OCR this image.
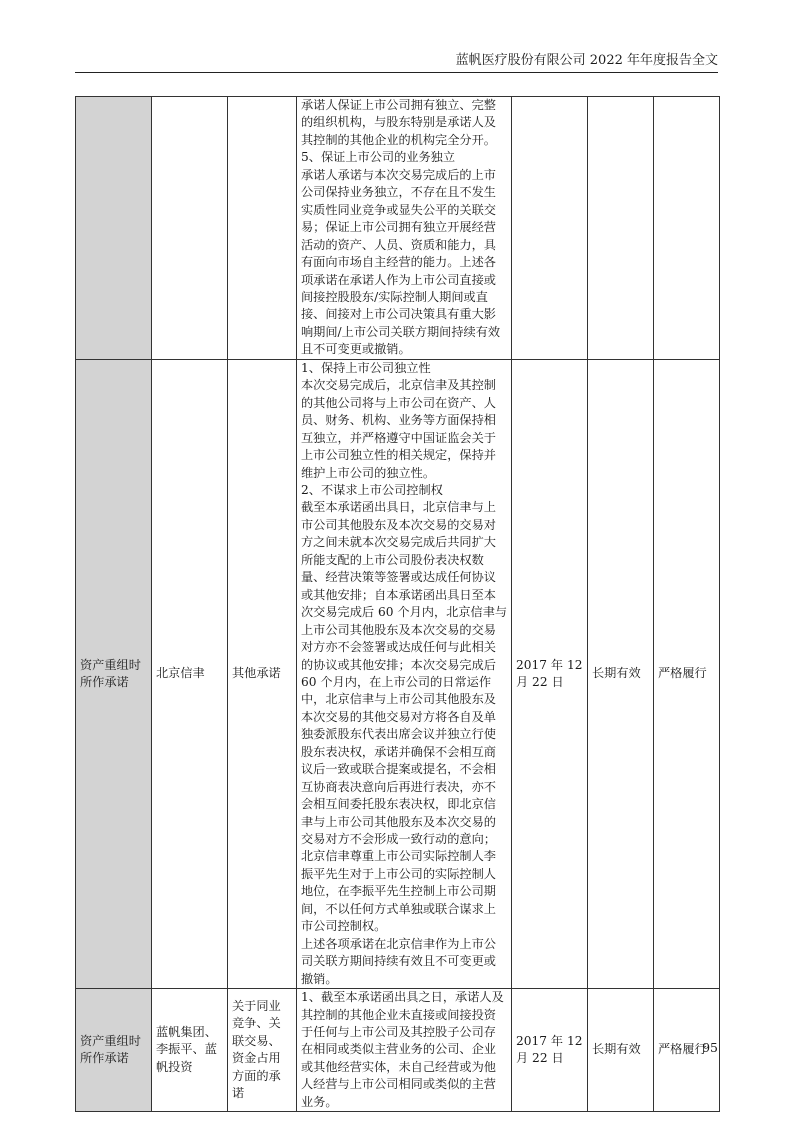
蓝帆医疗股份有限公司 2022 年年度报告全文

承诺人保证上市公司拥有独立、完整
的组织机构，与股东特别是承诺人及
其控制的其他企业的机构完全分开。
5、保证上市公司的业务独立
承诺人承诺与本次交易完成后的上市
公司保持业务独立，不存在且不发生
实质性同业竞争或显失公平的关联交
易；保证上市公司拥有独立开展经营
活动的资产、人员、资质和能力，具
有面向市场自主经营的能力。上述各
项承诺在承诺人作为上市公司直接或
间接控股股东/实际控制人期间或直
接、间接对上市公司决策具有重大影
响期间/上市公司关联方期间持续有效
且不可变更或撤销。

资产重组时所作承诺	北京信聿	其他承诺	
1、保持上市公司独立性
本次交易完成后，北京信聿及其控制
的其他公司将与上市公司在资产、人
员、财务、机构、业务等方面保持相
互独立，并严格遵守中国证监会关于
上市公司独立性的相关规定，保持并
维护上市公司的独立性。
2、不谋求上市公司控制权
截至本承诺函出具日，北京信聿与上
市公司其他股东及本次交易的交易对
方之间未就本次交易完成后共同扩大
所能支配的上市公司股份表决权数
量、经营决策等签署或达成任何协议
或其他安排；自本承诺函出具日至本
次交易完成后 60 个月内，北京信聿与
上市公司其他股东及本次交易的交易
对方亦不会签署或达成任何与此相关
的协议或其他安排；本次交易完成后
60 个月内，在上市公司的日常运作
中，北京信聿与上市公司其他股东及
本次交易的其他交易对方将各自及单
独委派股东代表出席会议并独立行使
股东表决权，承诺并确保不会相互商
议后一致或联合提案或提名，不会相
互协商表决意向后再进行表决，亦不
会相互间委托股东表决权，即北京信
聿与上市公司其他股东及本次交易的
交易对方不会形成一致行动的意向；
北京信聿尊重上市公司实际控制人李
振平先生对于上市公司的实际控制人
地位，在李振平先生控制上市公司期
间，不以任何方式单独或联合谋求上
市公司控制权。
上述各项承诺在北京信聿作为上市公
司关联方期间持续有效且不可变更或
撤销。
	2017 年 12 月 22 日	长期有效	严格履行
资产重组时所作承诺	蓝帆集团、李振平、蓝帆投资	关于同业竞争、关联交易、资金占用方面的承诺	
1、截至本承诺函出具之日，承诺人及
其控制的其他企业未直接或间接投资
于任何与上市公司及其控股子公司存
在相同或类似主营业务的公司、企业
或其他经营实体，未自己经营或为他
人经营与上市公司相同或类似的主营
业务。
	2017 年 12 月 22 日	长期有效	严格履行
95
